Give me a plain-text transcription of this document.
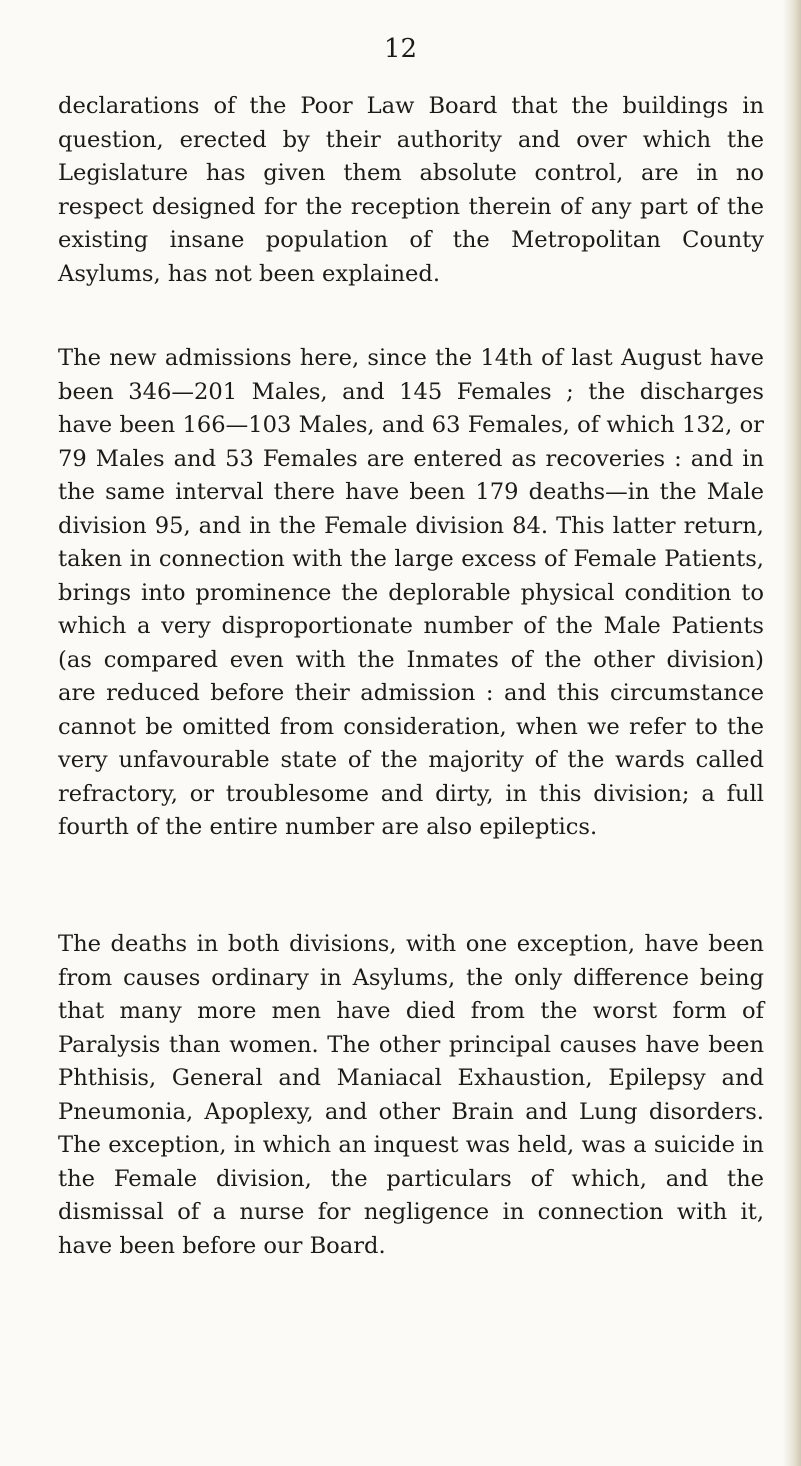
12

declarations of the Poor Law Board that the buildings in question, erected by their authority and over which the Legislature has given them absolute control, are in no respect designed for the reception therein of any part of the existing insane population of the Metropolitan County Asylums, has not been explained.

The new admissions here, since the 14th of last August have been 346—201 Males, and 145 Females ; the discharges have been 166—103 Males, and 63 Females, of which 132, or 79 Males and 53 Females are entered as recoveries : and in the same interval there have been 179 deaths—in the Male division 95, and in the Female division 84. This latter return, taken in connection with the large excess of Female Patients, brings into prominence the deplorable physical condition to which a very disproportionate number of the Male Patients (as compared even with the Inmates of the other division) are reduced before their admission : and this circumstance cannot be omitted from consideration, when we refer to the very unfavourable state of the majority of the wards called refractory, or troublesome and dirty, in this division; a full fourth of the entire number are also epileptics.

The deaths in both divisions, with one exception, have been from causes ordinary in Asylums, the only difference being that many more men have died from the worst form of Paralysis than women. The other principal causes have been Phthisis, General and Maniacal Exhaustion, Epilepsy and Pneumonia, Apoplexy, and other Brain and Lung disorders. The exception, in which an inquest was held, was a suicide in the Female division, the particulars of which, and the dismissal of a nurse for negligence in connection with it, have been before our Board.
